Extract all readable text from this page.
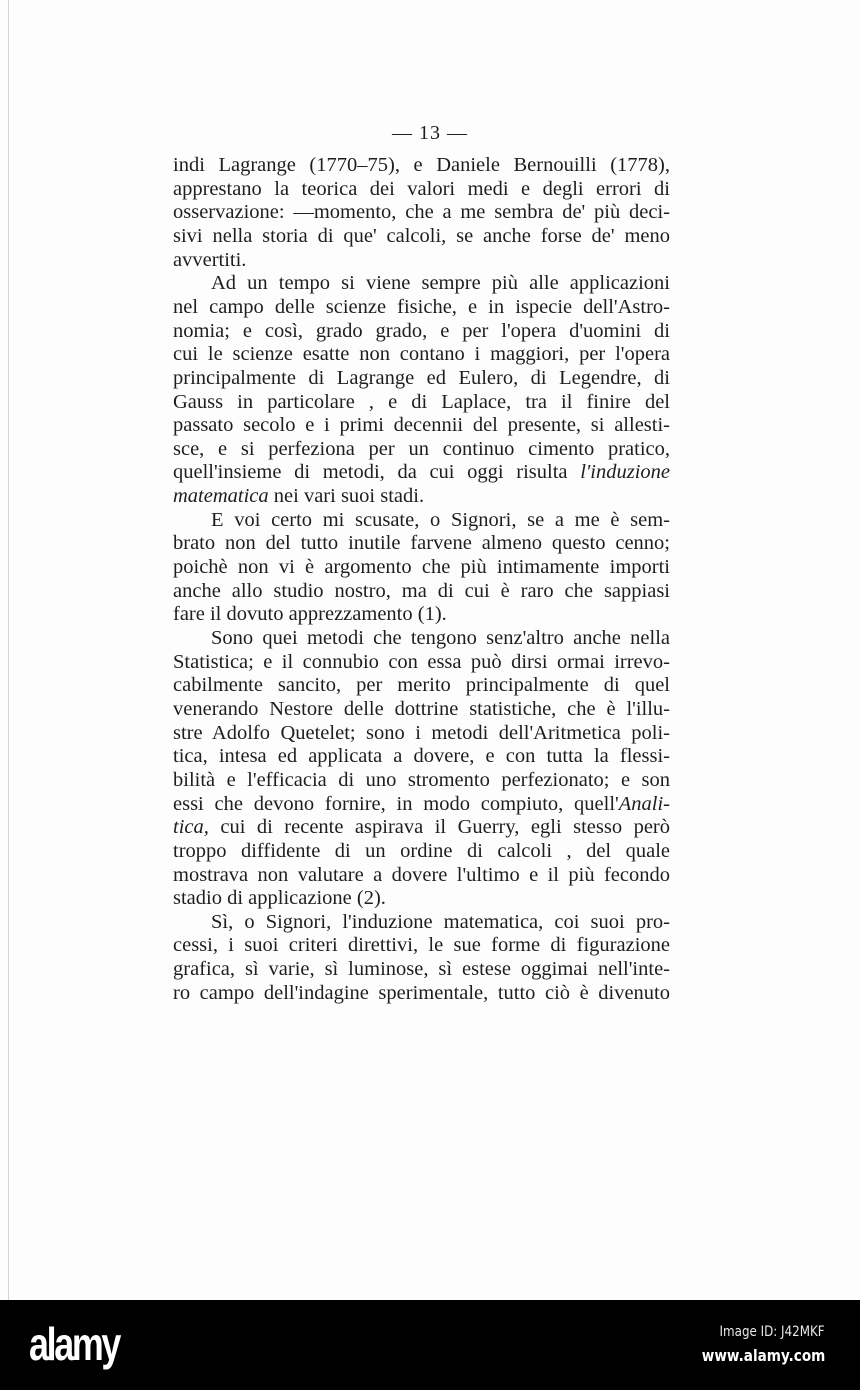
— 13 —
indi Lagrange (1770–75), e Daniele Bernouilli (1778),
apprestano la teorica dei valori medi e degli errori di
osservazione: —momento, che a me sembra de' più deci-
sivi nella storia di que' calcoli, se anche forse de' meno
avvertiti.
Ad un tempo si viene sempre più alle applicazioni
nel campo delle scienze fisiche, e in ispecie dell'Astro-
nomia; e così, grado grado, e per l'opera d'uomini di
cui le scienze esatte non contano i maggiori, per l'opera
principalmente di Lagrange ed Eulero, di Legendre, di
Gauss in particolare , e di Laplace, tra il finire del
passato secolo e i primi decennii del presente, si allesti-
sce, e si perfeziona per un continuo cimento pratico,
quell'insieme di metodi, da cui oggi risulta l'induzione
matematica nei vari suoi stadi.
E voi certo mi scusate, o Signori, se a me è sem-
brato non del tutto inutile farvene almeno questo cenno;
poichè non vi è argomento che più intimamente importi
anche allo studio nostro, ma di cui è raro che sappiasi
fare il dovuto apprezzamento (1).
Sono quei metodi che tengono senz'altro anche nella
Statistica; e il connubio con essa può dirsi ormai irrevo-
cabilmente sancito, per merito principalmente di quel
venerando Nestore delle dottrine statistiche, che è l'illu-
stre Adolfo Quetelet; sono i metodi dell'Aritmetica poli-
tica, intesa ed applicata a dovere, e con tutta la flessi-
bilità e l'efficacia di uno stromento perfezionato; e son
essi che devono fornire, in modo compiuto, quell'Anali-
tica, cui di recente aspirava il Guerry, egli stesso però
troppo diffidente di un ordine di calcoli , del quale
mostrava non valutare a dovere l'ultimo e il più fecondo
stadio di applicazione (2).
Sì, o Signori, l'induzione matematica, coi suoi pro-
cessi, i suoi criteri direttivi, le sue forme di figurazione
grafica, sì varie, sì luminose, sì estese oggimai nell'inte-
ro campo dell'indagine sperimentale, tutto ciò è divenuto
alamy	Image ID: J42MKF
www.alamy.com
